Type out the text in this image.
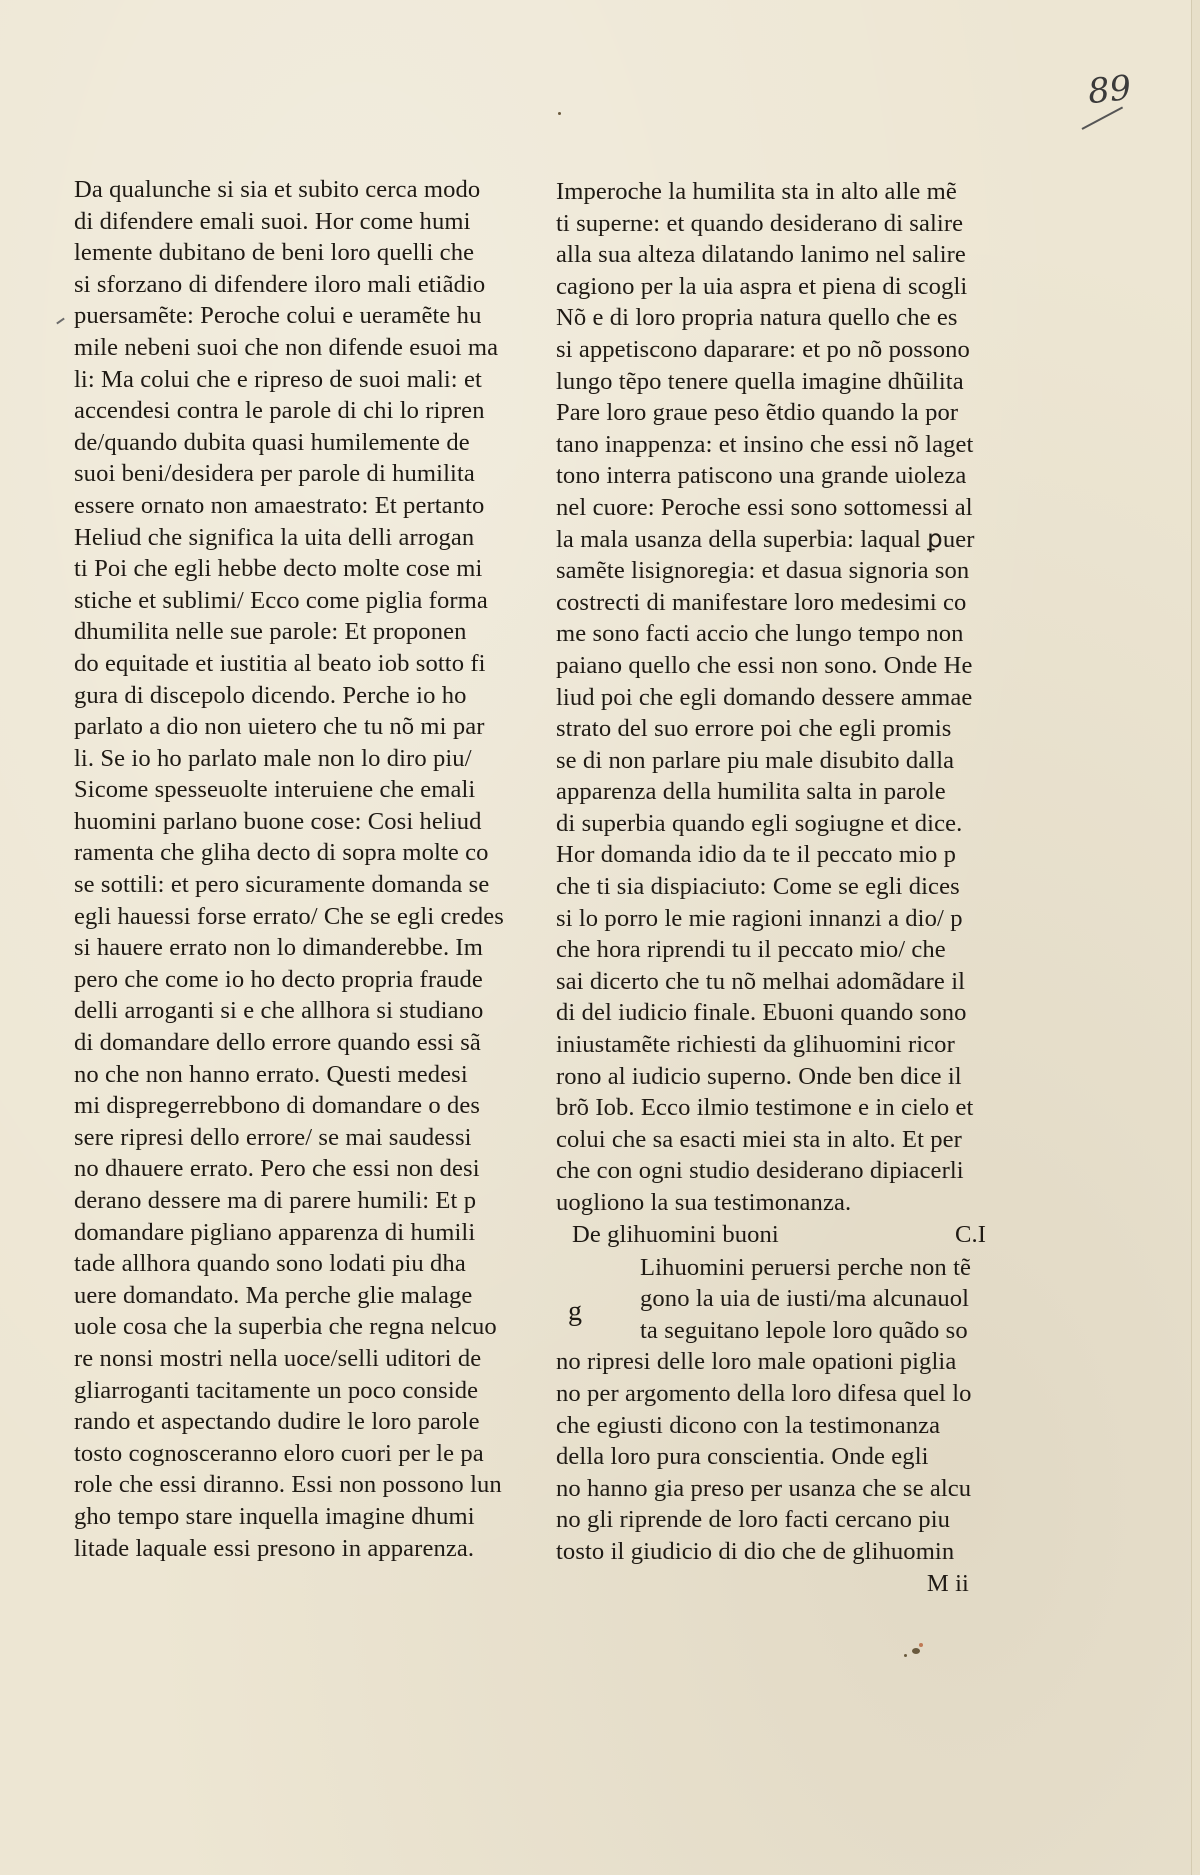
89
Da qualunche si sia et subito cerca modo
di difendere emali suoi. Hor come humi
lemente dubitano de beni loro quelli che
si sforzano di difendere iloro mali etiãdio
puersamẽte: Peroche colui e ueramẽte hu
mile nebeni suoi che non difende esuoi ma
li: Ma colui che e ripreso de suoi mali: et
accendesi contra le parole di chi lo ripren
de/quando dubita quasi humilemente de
suoi beni/desidera per parole di humilita
essere ornato non amaestrato: Et pertanto
Heliud che significa la uita delli arrogan
ti Poi che egli hebbe decto molte cose mi
stiche et sublimi/ Ecco come piglia forma
dhumilita nelle sue parole: Et proponen
do equitade et iustitia al beato iob sotto fi
gura di discepolo dicendo. Perche io ho
parlato a dio non uietero che tu nõ mi par
li. Se io ho parlato male non lo diro piu/
Sicome spesseuolte interuiene che emali
huomini parlano buone cose: Cosi heliud
ramenta che gliha decto di sopra molte co
se sottili: et pero sicuramente domanda se
egli hauessi forse errato/ Che se egli credes
si hauere errato non lo dimanderebbe. Im
pero che come io ho decto propria fraude
delli arroganti si e che allhora si studiano
di domandare dello errore quando essi sã
no che non hanno errato. Questi medesi
mi dispregerrebbono di domandare o des
sere ripresi dello errore/ se mai saudessi
no dhauere errato. Pero che essi non desi
derano dessere ma di parere humili: Et p
domandare pigliano apparenza di humili
tade allhora quando sono lodati piu dha
uere domandato. Ma perche glie malage
uole cosa che la superbia che regna nelcuo
re nonsi mostri nella uoce/selli uditori de
gliarroganti tacitamente un poco conside
rando et aspectando dudire le loro parole
tosto cognosceranno eloro cuori per le pa
role che essi diranno. Essi non possono lun
gho tempo stare inquella imagine dhumi
litade laquale essi presono in apparenza.
Imperoche la humilita sta in alto alle mẽ
ti superne: et quando desiderano di salire
alla sua alteza dilatando lanimo nel salire
cagiono per la uia aspra et piena di scogli
Nõ e di loro propria natura quello che es
si appetiscono daparare: et po nõ possono
lungo tẽpo tenere quella imagine dhũilita
Pare loro graue peso ẽtdio quando la por
tano inappenza: et insino che essi nõ laget
tono interra patiscono una grande uioleza
nel cuore: Peroche essi sono sottomessi al
la mala usanza della superbia: laqual ꝑuer
samẽte lisignoregia: et dasua signoria son
costrecti di manifestare loro medesimi co
me sono facti accio che lungo tempo non
paiano quello che essi non sono. Onde He
liud poi che egli domando dessere ammae
strato del suo errore poi che egli promis
se di non parlare piu male disubito dalla
apparenza della humilita salta in parole
di superbia quando egli sogiugne et dice.
Hor domanda idio da te il peccato mio p
che ti sia dispiaciuto: Come se egli dices
si lo porro le mie ragioni innanzi a dio/ p
che hora riprendi tu il peccato mio/ che
sai dicerto che tu nõ melhai adomãdare il
di del iudicio finale. Ebuoni quando sono
iniustamẽte richiesti da glihuomini ricor
rono al iudicio superno. Onde ben dice il
brõ Iob. Ecco ilmio testimone e in cielo et
colui che sa esacti miei sta in alto. Et per
che con ogni studio desiderano dipiacerli
uogliono la sua testimonanza.
De glihuomini buoni	C.I
g
Lihuomini peruersi perche non tẽ
gono la uia de iusti/ma alcunauol
ta seguitano lepole loro quãdo so
no ripresi delle loro male opationi piglia
no per argomento della loro difesa quel lo
che egiusti dicono con la testimonanza
della loro pura conscientia. Onde egli
no hanno gia preso per usanza che se alcu
no gli riprende de loro facti cercano piu
tosto il giudicio di dio che de glihuomin
M ii
